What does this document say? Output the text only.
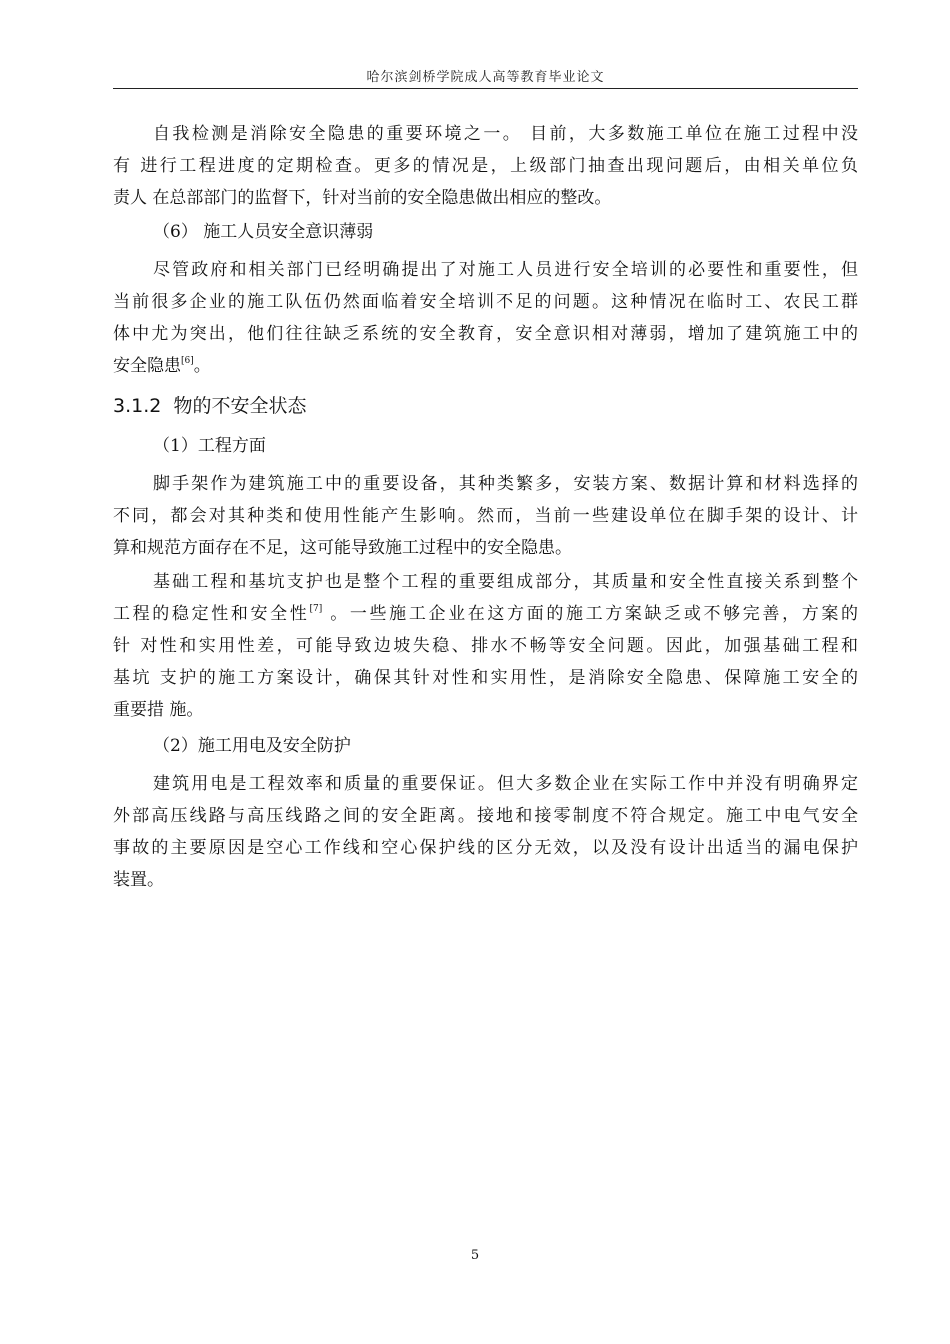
哈尔滨剑桥学院成人高等教育毕业论文
自我检测是消除安全隐患的重要环境之一。 目前，大多数施工单位在施工过程中没
有 进行工程进度的定期检查。更多的情况是，上级部门抽查出现问题后，由相关单位负
责人 在总部部门的监督下，针对当前的安全隐患做出相应的整改。
（6） 施工人员安全意识薄弱
尽管政府和相关部门已经明确提出了对施工人员进行安全培训的必要性和重要性，但
当前很多企业的施工队伍仍然面临着安全培训不足的问题。这种情况在临时工、农民工群
体中尤为突出，他们往往缺乏系统的安全教育，安全意识相对薄弱，增加了建筑施工中的
安全隐患[6]。
3.1.2 物的不安全状态
（1）工程方面
脚手架作为建筑施工中的重要设备，其种类繁多，安装方案、数据计算和材料选择的
不同，都会对其种类和使用性能产生影响。然而，当前一些建设单位在脚手架的设计、计
算和规范方面存在不足，这可能导致施工过程中的安全隐患。
基础工程和基坑支护也是整个工程的重要组成部分，其质量和安全性直接关系到整个
工程的稳定性和安全性[7] 。一些施工企业在这方面的施工方案缺乏或不够完善，方案的
针 对性和实用性差，可能导致边坡失稳、排水不畅等安全问题。因此，加强基础工程和
基坑 支护的施工方案设计，确保其针对性和实用性，是消除安全隐患、保障施工安全的
重要措 施。
（2）施工用电及安全防护
建筑用电是工程效率和质量的重要保证。但大多数企业在实际工作中并没有明确界定
外部高压线路与高压线路之间的安全距离。接地和接零制度不符合规定。施工中电气安全
事故的主要原因是空心工作线和空心保护线的区分无效，以及没有设计出适当的漏电保护
装置。
5
